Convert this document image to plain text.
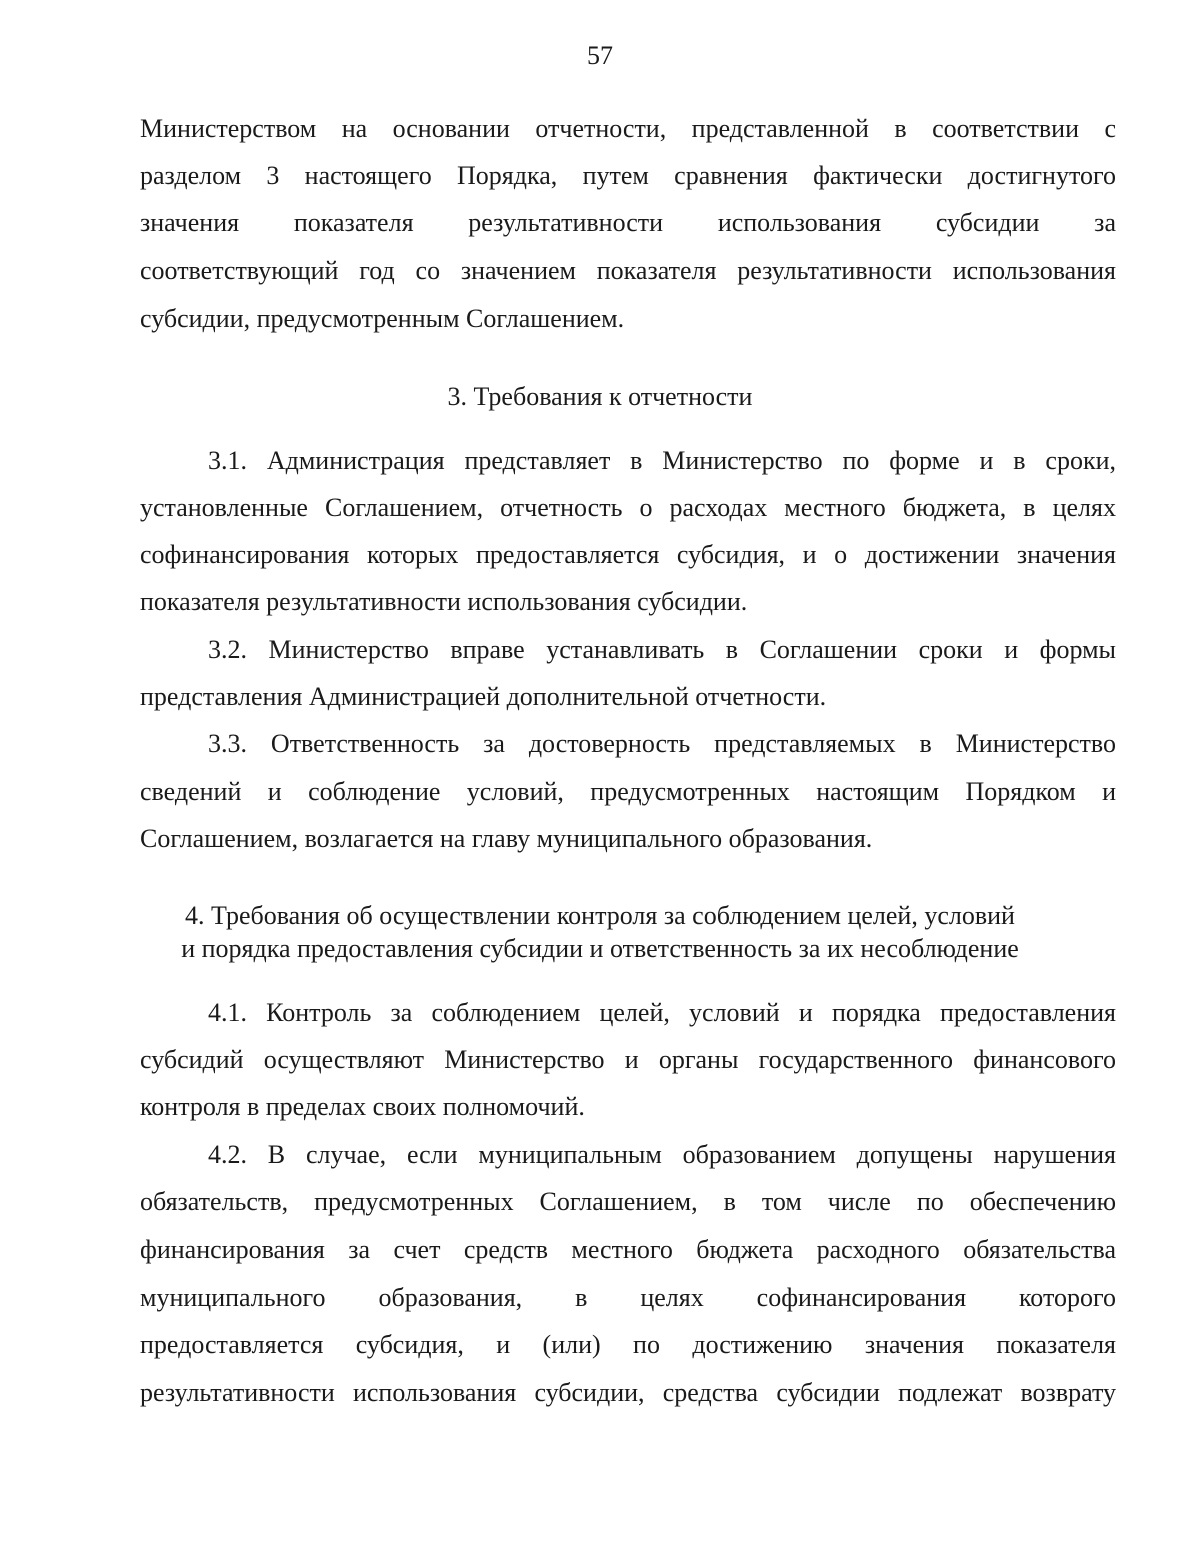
57
Министерством на основании отчетности, представленной в соответствии с
разделом 3 настоящего Порядка, путем сравнения фактически достигнутого
значения показателя результативности использования субсидии за
соответствующий год со значением показателя результативности использования
субсидии, предусмотренным Соглашением.
3. Требования к отчетности
3.1. Администрация представляет в Министерство по форме и в сроки,
установленные Соглашением, отчетность о расходах местного бюджета, в целях
софинансирования которых предоставляется субсидия, и о достижении значения
показателя результативности использования субсидии.
3.2. Министерство вправе устанавливать в Соглашении сроки и формы
представления Администрацией дополнительной отчетности.
3.3. Ответственность за достоверность представляемых в Министерство
сведений и соблюдение условий, предусмотренных настоящим Порядком и
Соглашением, возлагается на главу муниципального образования.
4. Требования об осуществлении контроля за соблюдением целей, условий
и порядка предоставления субсидии и ответственность за их несоблюдение
4.1. Контроль за соблюдением целей, условий и порядка предоставления
субсидий осуществляют Министерство и органы государственного финансового
контроля в пределах своих полномочий.
4.2. В случае, если муниципальным образованием допущены нарушения
обязательств, предусмотренных Соглашением, в том числе по обеспечению
финансирования за счет средств местного бюджета расходного обязательства
муниципального образования, в целях софинансирования которого
предоставляется субсидия, и (или) по достижению значения показателя
результативности использования субсидии, средства субсидии подлежат возврату
